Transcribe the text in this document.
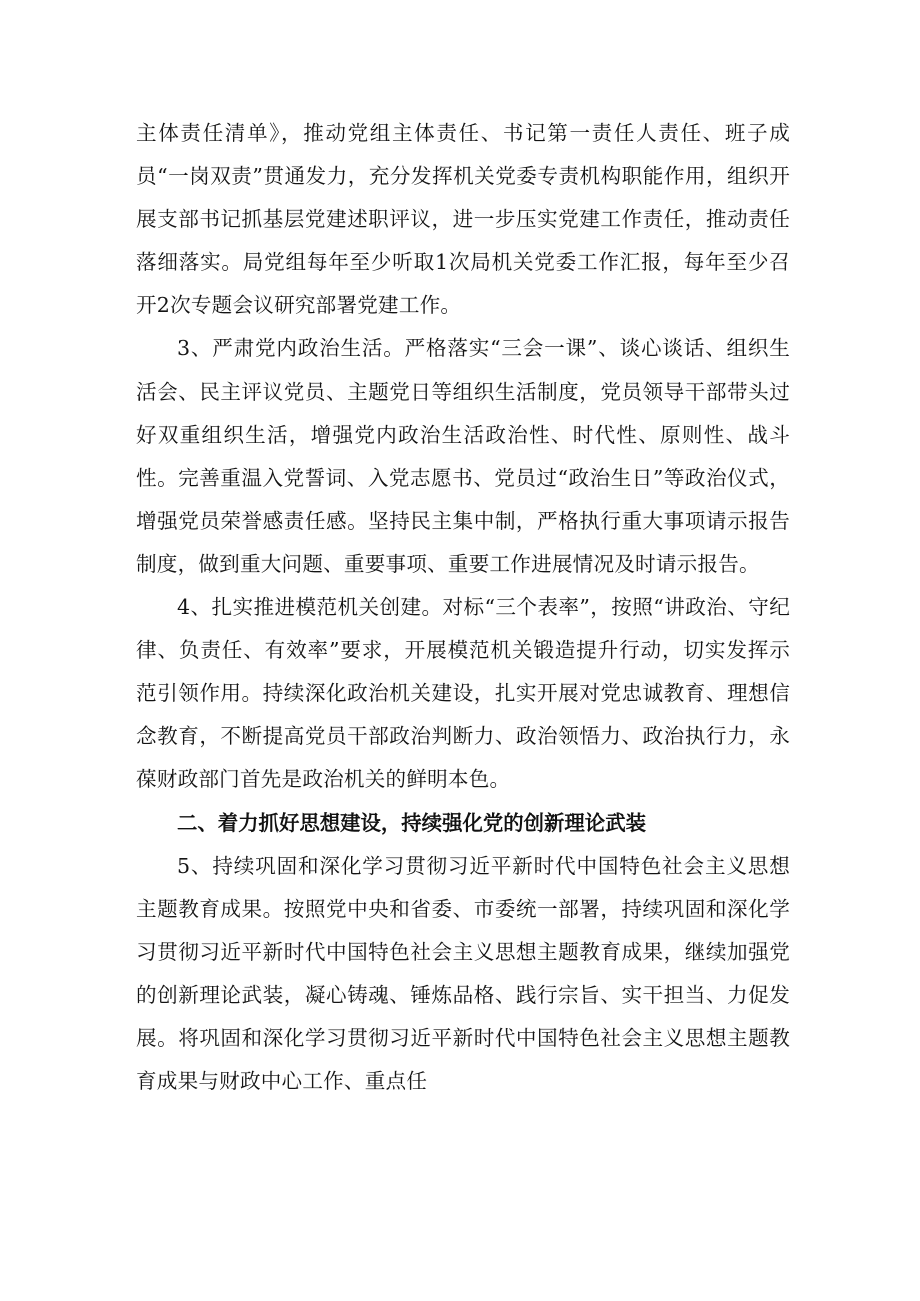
主体责任清单》，推动党组主体责任、书记第一责任人责任、班子成员“一岗双责”贯通发力，充分发挥机关党委专责机构职能作用，组织开展支部书记抓基层党建述职评议，进一步压实党建工作责任，推动责任落细落实。局党组每年至少听取1次局机关党委工作汇报，每年至少召开2次专题会议研究部署党建工作。

3、严肃党内政治生活。严格落实“三会一课”、谈心谈话、组织生活会、民主评议党员、主题党日等组织生活制度，党员领导干部带头过好双重组织生活，增强党内政治生活政治性、时代性、原则性、战斗性。完善重温入党誓词、入党志愿书、党员过“政治生日”等政治仪式，增强党员荣誉感责任感。坚持民主集中制，严格执行重大事项请示报告制度，做到重大问题、重要事项、重要工作进展情况及时请示报告。

4、扎实推进模范机关创建。对标“三个表率”，按照“讲政治、守纪律、负责任、有效率”要求，开展模范机关锻造提升行动，切实发挥示范引领作用。持续深化政治机关建设，扎实开展对党忠诚教育、理想信念教育，不断提高党员干部政治判断力、政治领悟力、政治执行力，永葆财政部门首先是政治机关的鲜明本色。

二、着力抓好思想建设，持续强化党的创新理论武装

5、持续巩固和深化学习贯彻习近平新时代中国特色社会主义思想主题教育成果。按照党中央和省委、市委统一部署，持续巩固和深化学习贯彻习近平新时代中国特色社会主义思想主题教育成果，继续加强党的创新理论武装，凝心铸魂、锤炼品格、践行宗旨、实干担当、力促发展。将巩固和深化学习贯彻习近平新时代中国特色社会主义思想主题教育成果与财政中心工作、重点任
